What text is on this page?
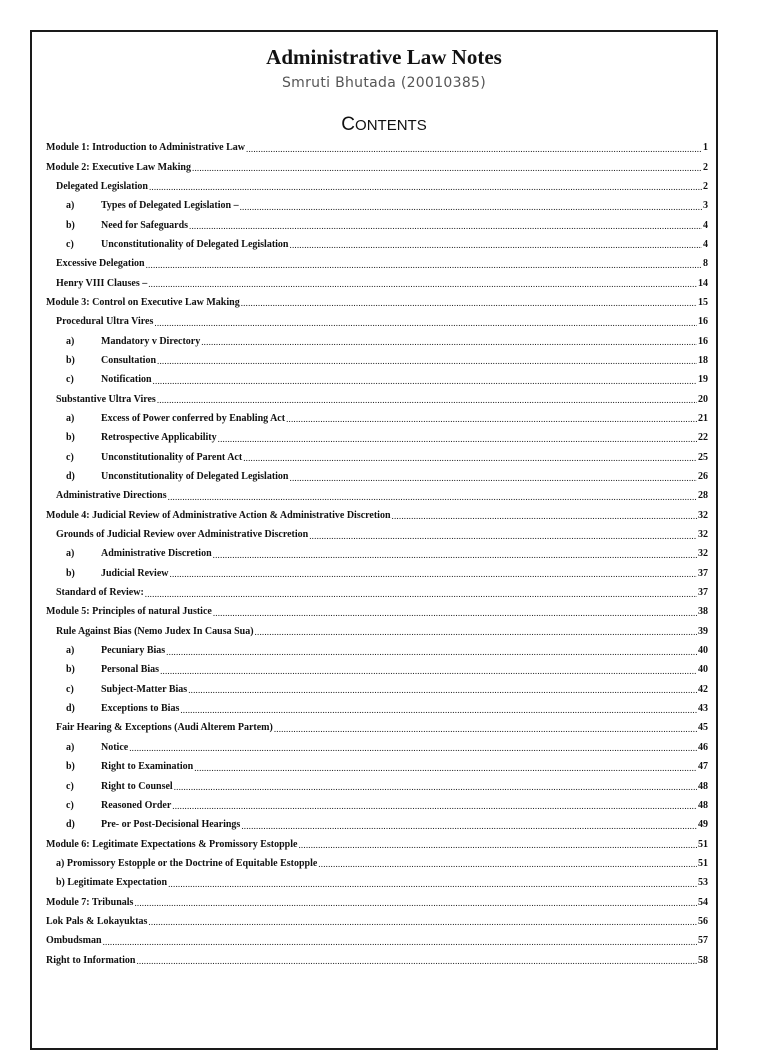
Administrative Law Notes
Smruti Bhutada (20010385)
CONTENTS
Module 1: Introduction to Administrative Law .....	1
Module 2: Executive Law Making .....	2
Delegated Legislation .....	2
a)	Types of Delegated Legislation – .....	3
b)	Need for Safeguards .....	4
c)	Unconstitutionality of Delegated Legislation .....	4
Excessive Delegation .....	8
Henry VIII Clauses – .....	14
Module 3: Control on Executive Law Making .....	15
Procedural Ultra Vires .....	16
a)	Mandatory v Directory .....	16
b)	Consultation .....	18
c)	Notification .....	19
Substantive Ultra Vires .....	20
a)	Excess of Power conferred by Enabling Act .....	21
b)	Retrospective Applicability .....	22
c)	Unconstitutionality of Parent Act .....	25
d)	Unconstitutionality of Delegated Legislation .....	26
Administrative Directions .....	28
Module 4: Judicial Review of Administrative Action & Administrative Discretion .....	32
Grounds of Judicial Review over Administrative Discretion .....	32
a)	Administrative Discretion .....	32
b)	Judicial Review .....	37
Standard of Review: .....	37
Module 5: Principles of natural Justice .....	38
Rule Against Bias (Nemo Judex In Causa Sua) .....	39
a)	Pecuniary Bias .....	40
b)	Personal Bias .....	40
c)	Subject-Matter Bias .....	42
d)	Exceptions to Bias .....	43
Fair Hearing & Exceptions (Audi Alterem Partem) .....	45
a)	Notice .....	46
b)	Right to Examination .....	47
c)	Right to Counsel .....	48
c)	Reasoned Order .....	48
d)	Pre- or Post-Decisional Hearings .....	49
Module 6: Legitimate Expectations & Promissory Estopple .....	51
a) Promissory Estopple or the Doctrine of Equitable Estopple .....	51
b) Legitimate Expectation .....	53
Module 7: Tribunals .....	54
Lok Pals & Lokayuktas .....	56
Ombudsman .....	57
Right to Information .....	58
